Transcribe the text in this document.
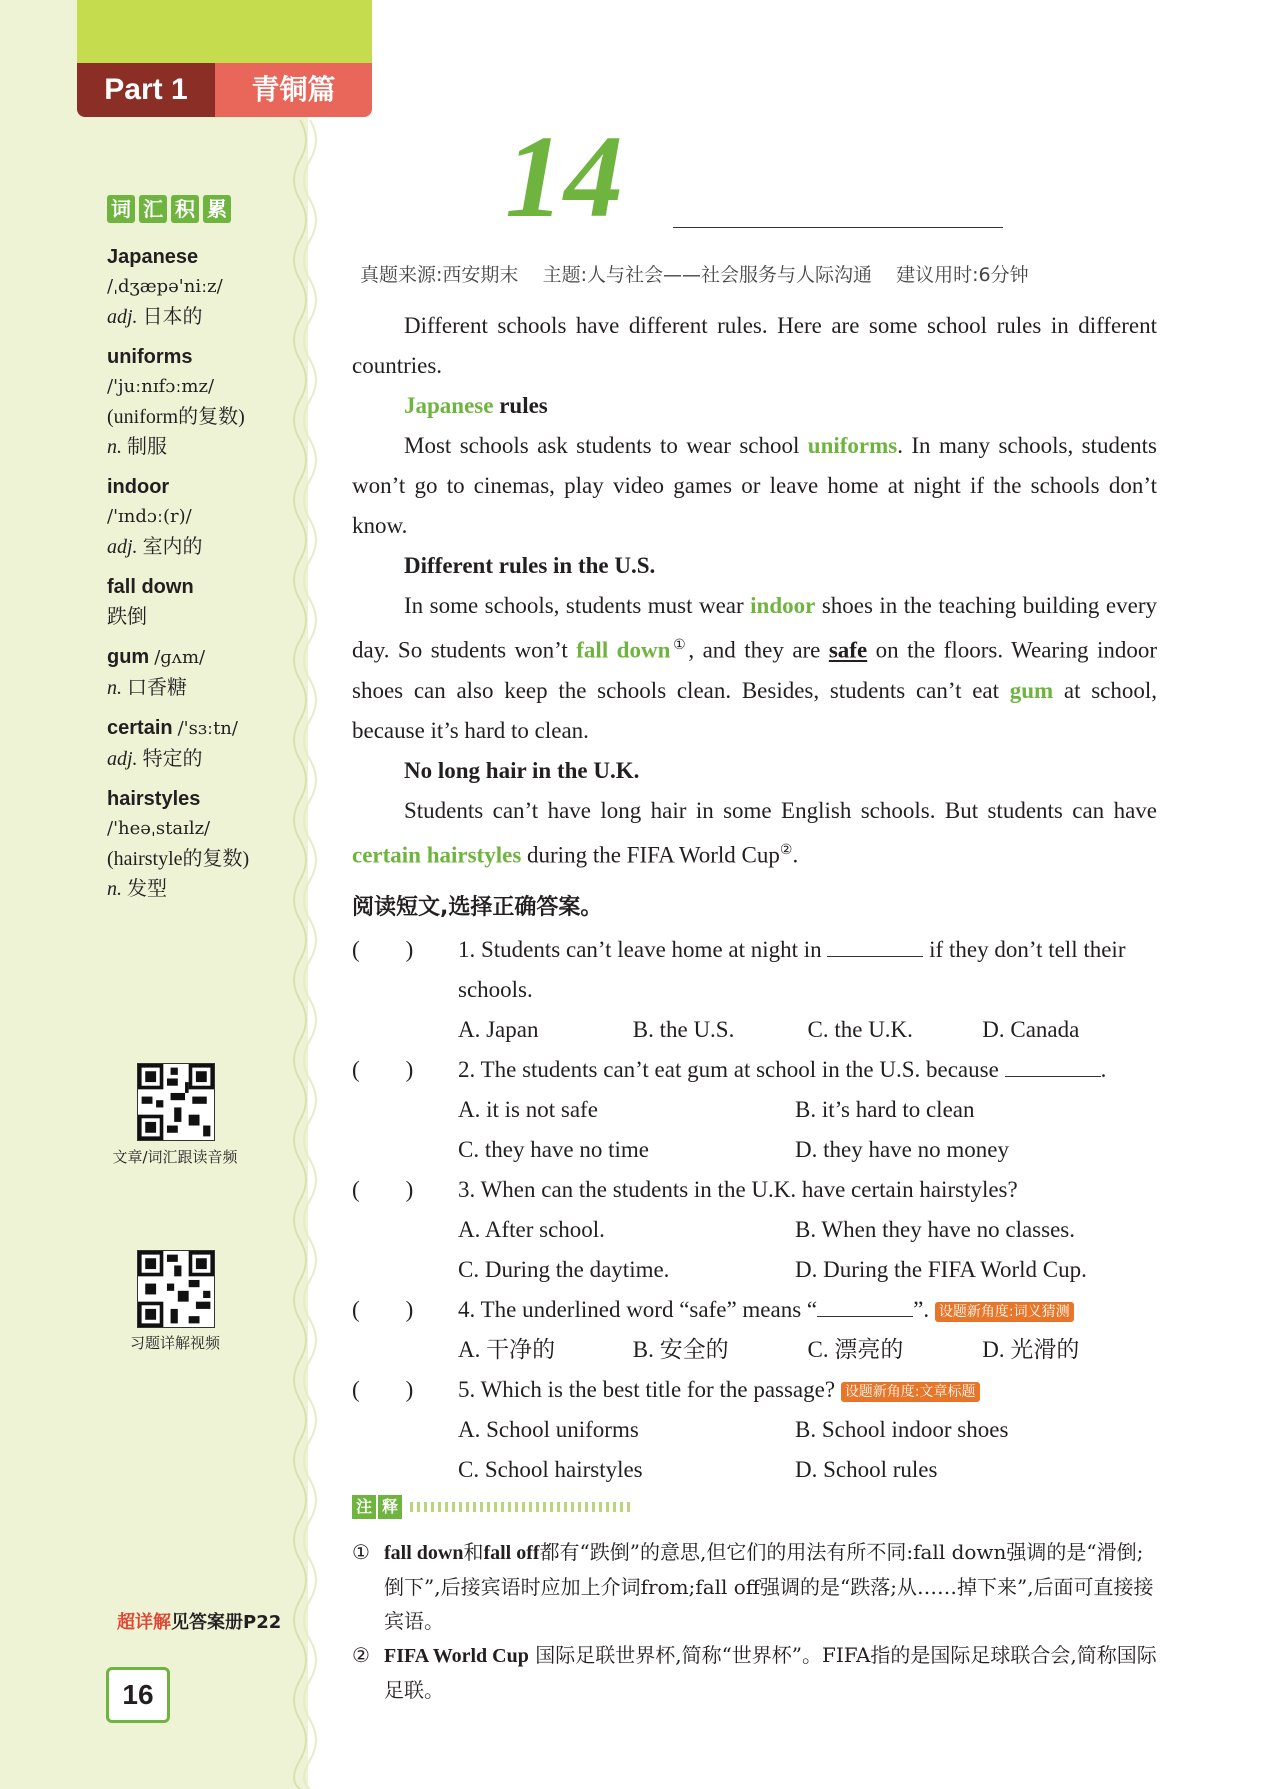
Part 1	青铜篇
词 汇 积 累
Japanese
/ˌdʒæpə'niːz/
adj. 日本的
uniforms
/'juːnɪfɔːmz/
(uniform的复数)
n. 制服
indoor
/'ɪndɔː(r)/
adj. 室内的
fall down
跌倒
gum /ɡʌm/
n. 口香糖
certain /'sɜːtn/
adj. 特定的
hairstyles
/'heəˌstaɪlz/
(hairstyle的复数)
n. 发型
文章/词汇跟读音频
习题详解视频
超详解见答案册P22
16
14
真题来源:西安期末 主题:人与社会——社会服务与人际沟通 建议用时:6分钟

Different schools have different rules. Here are some school rules in different countries.

Japanese rules

Most schools ask students to wear school uniforms. In many schools, students won’t go to cinemas, play video games or leave home at night if the schools don’t know.

Different rules in the U.S.

In some schools, students must wear indoor shoes in the teaching building every day. So students won’t fall down①, and they are safe on the floors. Wearing indoor shoes can also keep the schools clean. Besides, students can’t eat gum at school, because it’s hard to clean.

No long hair in the U.K.

Students can’t have long hair in some English schools. But students can have certain hairstyles during the FIFA World Cup②.

阅读短文,选择正确答案。
(　　)	1. Students can’t leave home at night in	if they don’t tell their schools.
A. Japan	B. the U.S.	C. the U.K.	D. Canada
(　　)	2. The students can’t eat gum at school in the U.S. because	.
A. it is not safe	B. it’s hard to clean
C. they have no time	D. they have no money
(　　)	3. When can the students in the U.K. have certain hairstyles?
A. After school.	B. When they have no classes.
C. During the daytime.	D. During the FIFA World Cup.
(　　)	4. The underlined word “safe” means “	”. 设题新角度:词义猜测
A. 干净的	B. 安全的	C. 漂亮的	D. 光滑的
(　　)	5. Which is the best title for the passage? 设题新角度:文章标题
A. School uniforms	B. School indoor shoes
C. School hairstyles	D. School rules
注 释
① fall down和fall off都有“跌倒”的意思,但它们的用法有所不同:fall down强调的是“滑倒;倒下”,后接宾语时应加上介词from;fall off强调的是“跌落;从……掉下来”,后面可直接接宾语。
② FIFA World Cup 国际足联世界杯,简称“世界杯”。FIFA指的是国际足球联合会,简称国际足联。
